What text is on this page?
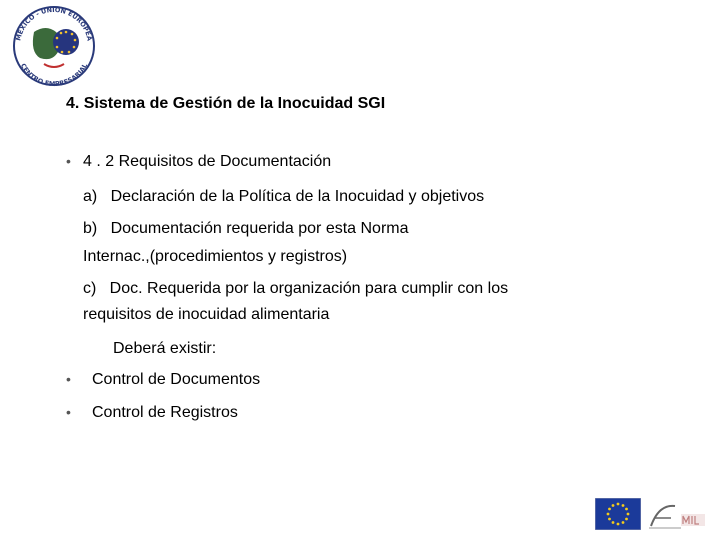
MEXICO - UNION EUROPEA
CENTRO EMPRESARIAL
4. Sistema de Gestión de la Inocuidad SGI
• 4 . 2 Requisitos de Documentación
a) Declaración de la Política de la Inocuidad y objetivos
b) Documentación requerida por esta Norma
Internac.,(procedimientos y registros)
c) Doc. Requerida por la organización para cumplir con los
requisitos de inocuidad alimentaria
Deberá existir:
• Control de Documentos
• Control de Registros
